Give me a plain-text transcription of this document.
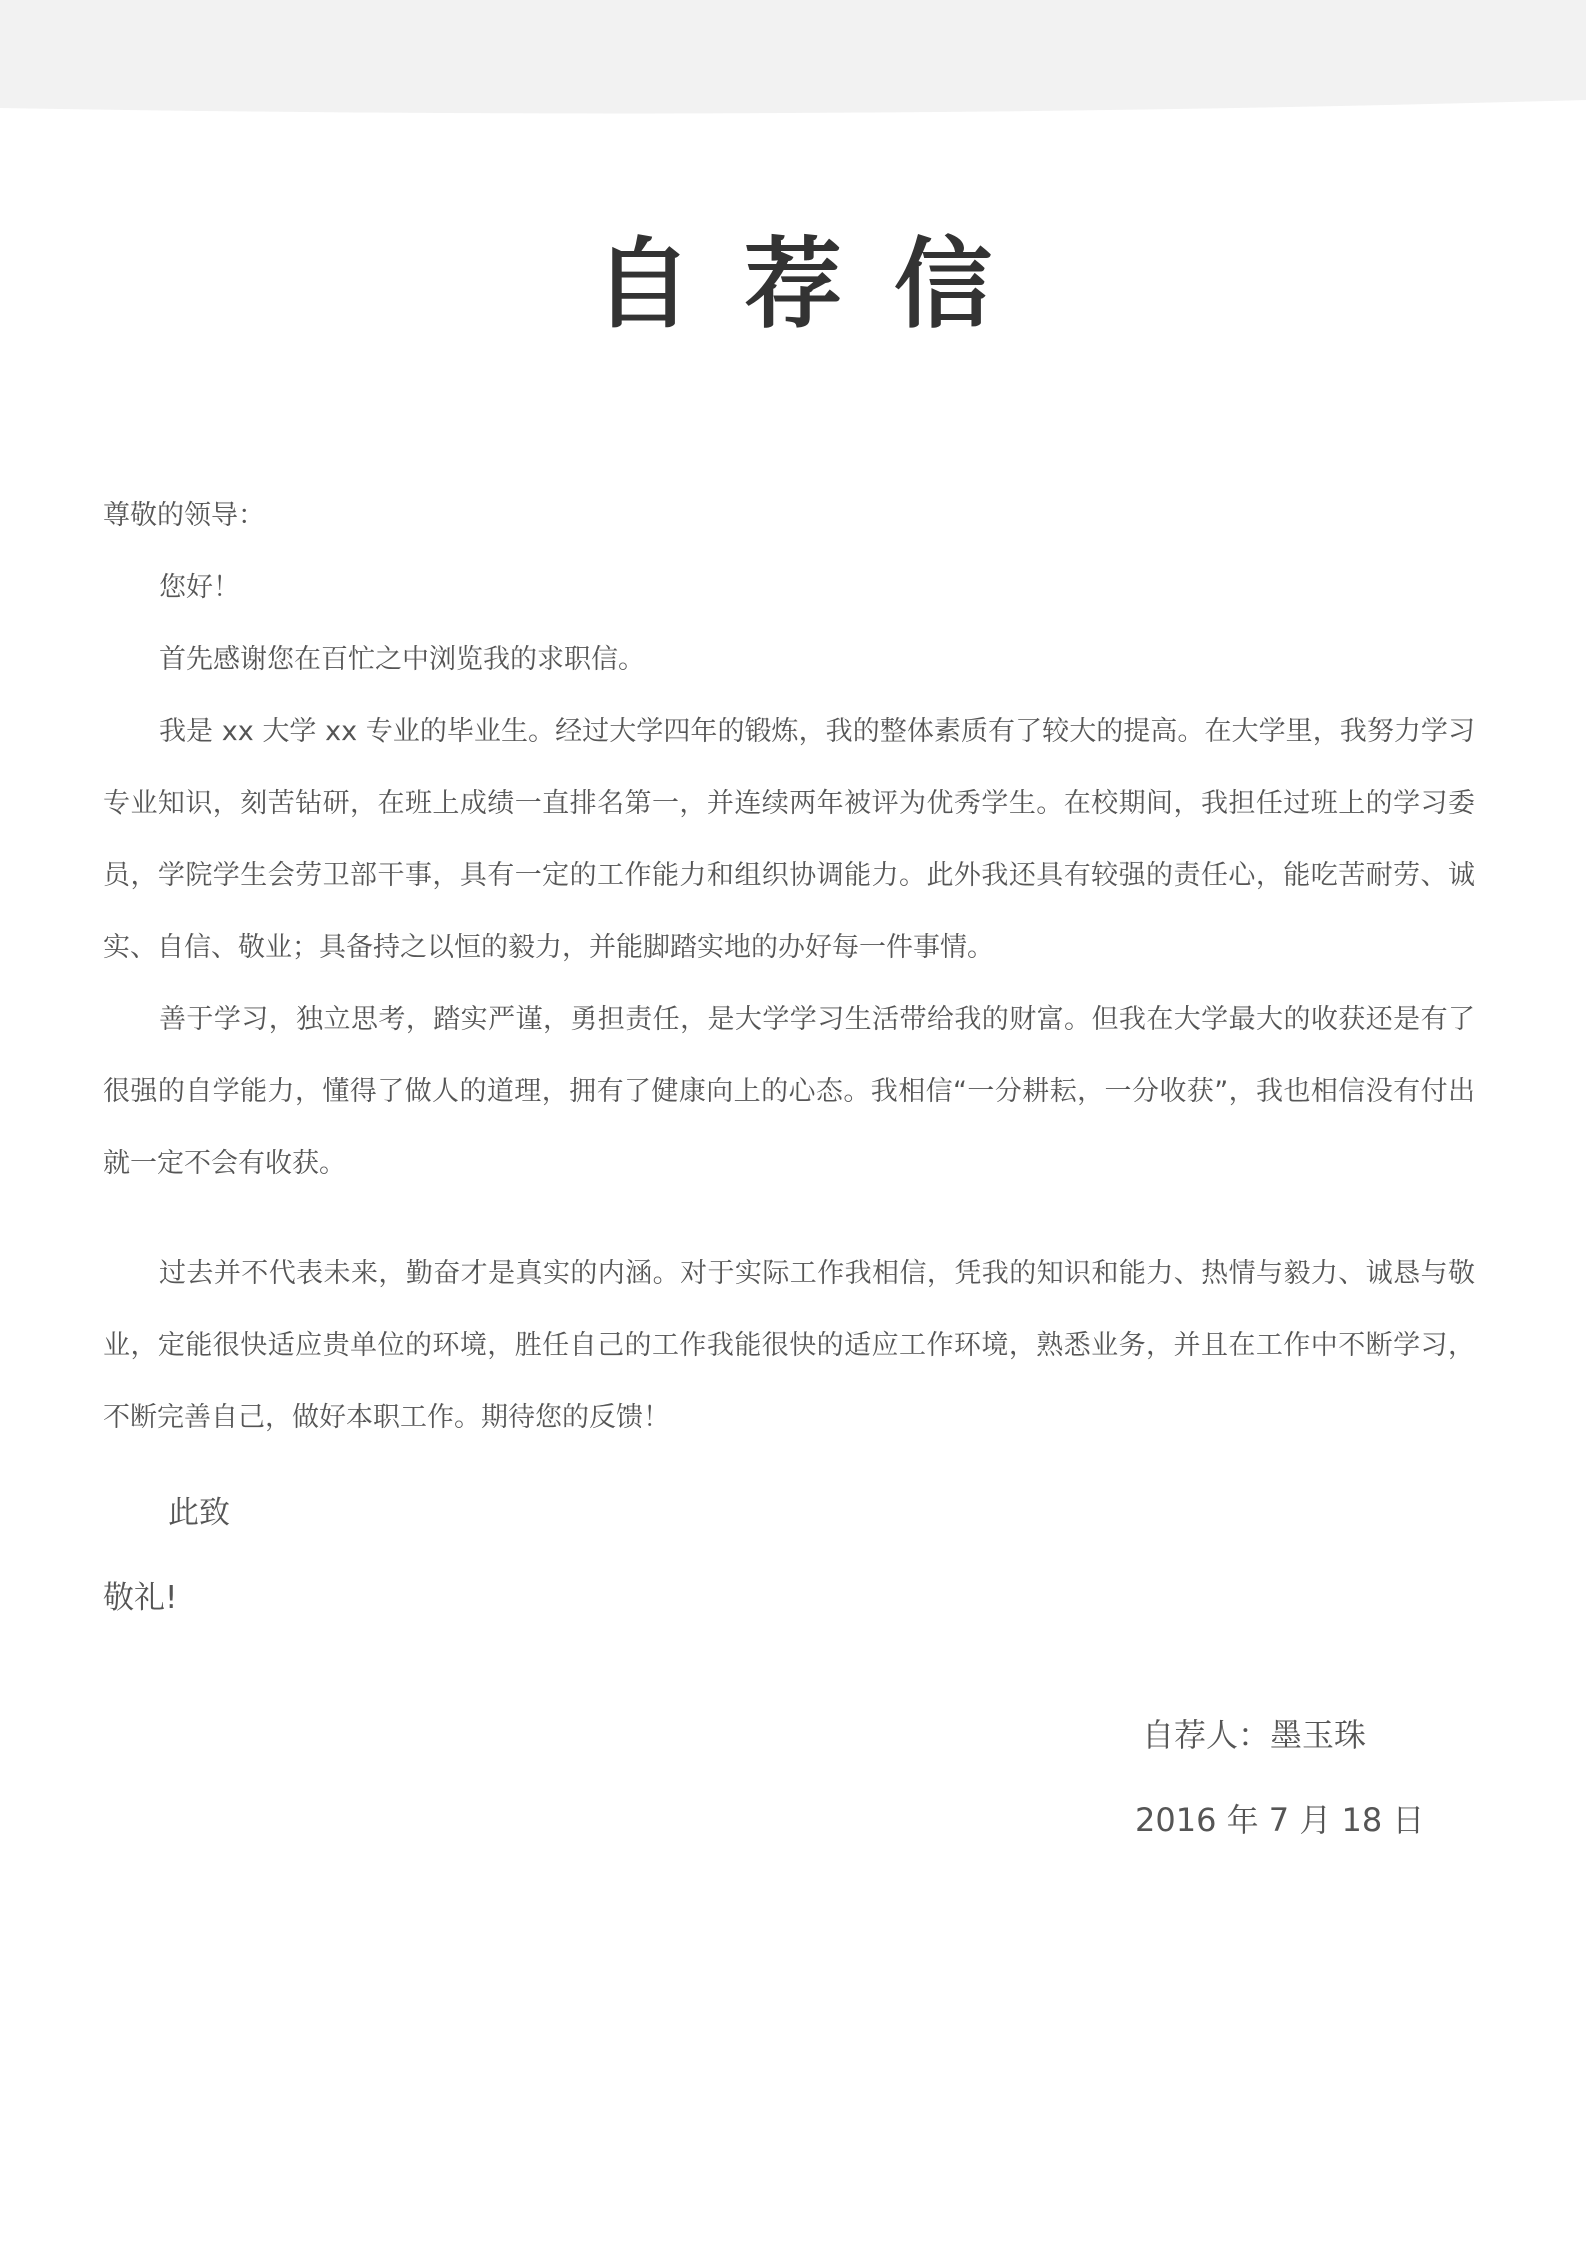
自荐信

尊敬的领导：

您好！

首先感谢您在百忙之中浏览我的求职信。

我是 xx 大学 xx 专业的毕业生。经过大学四年的锻炼，我的整体素质有了较大的提高。在大学里，我努力学习专业知识，刻苦钻研，在班上成绩一直排名第一，并连续两年被评为优秀学生。在校期间，我担任过班上的学习委员，学院学生会劳卫部干事，具有一定的工作能力和组织协调能力。此外我还具有较强的责任心，能吃苦耐劳、诚实、自信、敬业；具备持之以恒的毅力，并能脚踏实地的办好每一件事情。

善于学习，独立思考，踏实严谨，勇担责任，是大学学习生活带给我的财富。但我在大学最大的收获还是有了很强的自学能力，懂得了做人的道理，拥有了健康向上的心态。我相信“一分耕耘，一分收获”，我也相信没有付出就一定不会有收获。

过去并不代表未来，勤奋才是真实的内涵。对于实际工作我相信，凭我的知识和能力、热情与毅力、诚恳与敬业，定能很快适应贵单位的环境，胜任自己的工作我能很快的适应工作环境，熟悉业务，并且在工作中不断学习，不断完善自己，做好本职工作。期待您的反馈！

此致
敬礼!
自荐人：墨玉珠
2016 年 7 月 18 日
